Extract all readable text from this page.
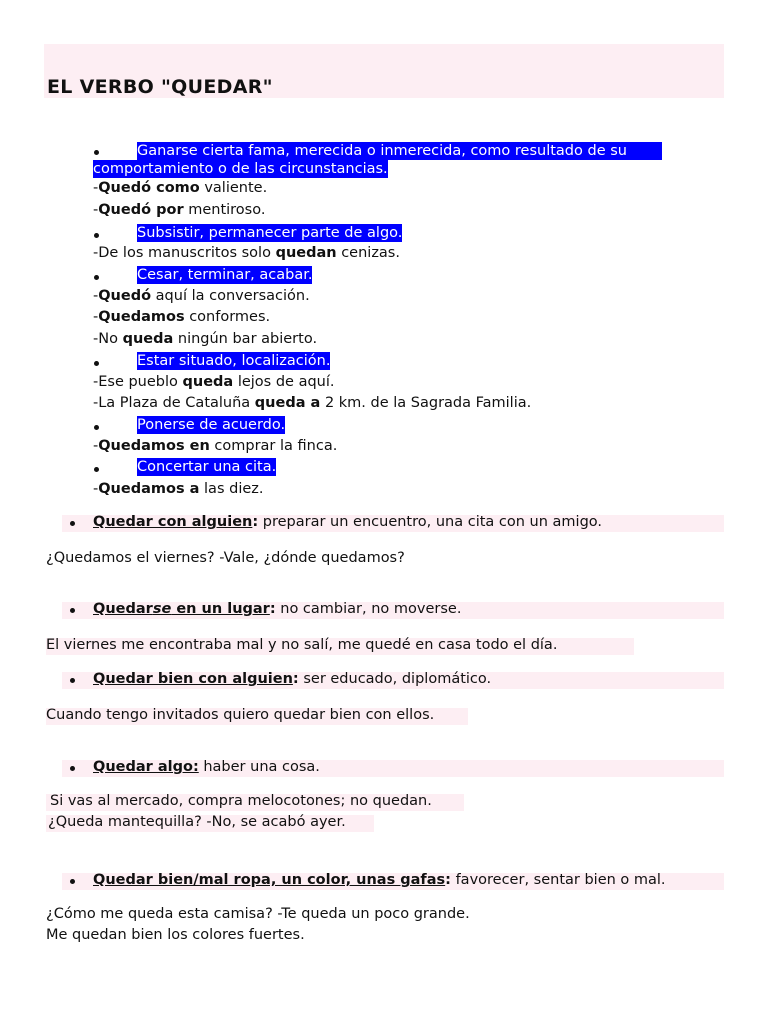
EL VERBO "QUEDAR"
Ganarse cierta fama, merecida o inmerecida, como resultado de su
comportamiento o de las circunstancias.
-Quedó como valiente.
-Quedó por mentiroso.
Subsistir, permanecer parte de algo.
-De los manuscritos solo quedan cenizas.
Cesar, terminar, acabar.
-Quedó aquí la conversación.
-Quedamos conformes.
-No queda ningún bar abierto.
Estar situado, localización.
-Ese pueblo queda lejos de aquí.
-La Plaza de Cataluña queda a 2 km. de la Sagrada Familia.
Ponerse de acuerdo.
-Quedamos en comprar la finca.
Concertar una cita.
-Quedamos a las diez.
Quedar con alguien: preparar un encuentro, una cita con un amigo.
¿Quedamos el viernes? -Vale, ¿dónde quedamos?
Quedarse en un lugar: no cambiar, no moverse.
El viernes me encontraba mal y no salí, me quedé en casa todo el día.
Quedar bien con alguien: ser educado, diplomático.
Cuando tengo invitados quiero quedar bien con ellos.
Quedar algo: haber una cosa.
Si vas al mercado, compra melocotones; no quedan.
¿Queda mantequilla? -No, se acabó ayer.
Quedar bien/mal ropa, un color, unas gafas: favorecer, sentar bien o mal.
¿Cómo me queda esta camisa? -Te queda un poco grande.
Me quedan bien los colores fuertes.
